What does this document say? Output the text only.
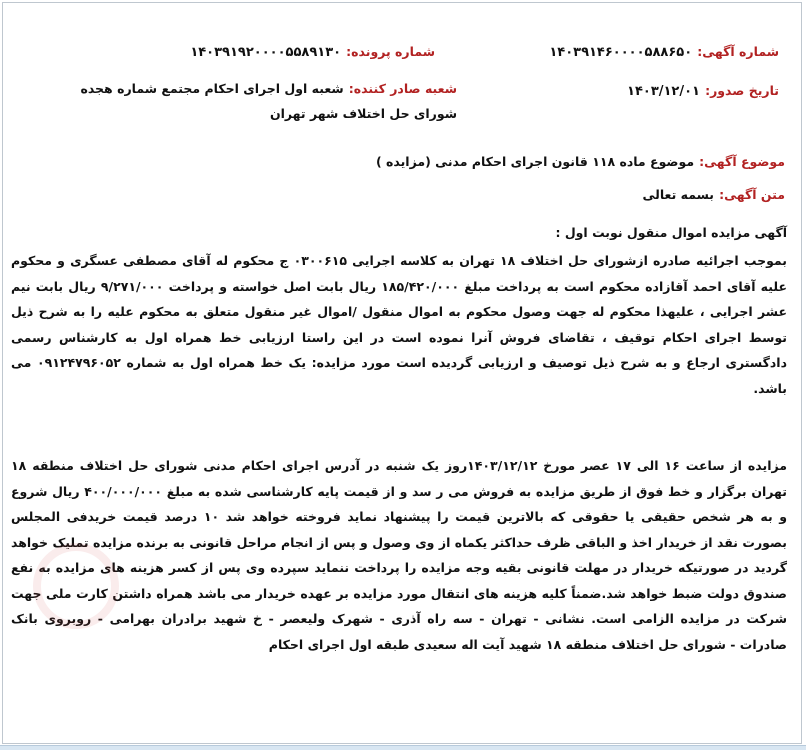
شماره آگهی: ۱۴۰۳۹۱۴۶۰۰۰۰۵۸۸۶۵۰
شماره پرونده: ۱۴۰۳۹۱۹۲۰۰۰۰۵۵۸۹۱۳۰
تاریخ صدور: ۱۴۰۳/۱۲/۰۱
شعبه صادر کننده: شعبه اول اجرای احکام مجتمع شماره هجده شورای حل اختلاف شهر تهران
موضوع آگهی: موضوع ماده ۱۱۸ قانون اجرای احکام مدنی (مزایده )
متن آگهی: بسمه تعالی
آگهی مزایده اموال منقول نوبت اول :
بموجب اجرائیه صادره ازشورای حل اختلاف ۱۸ تهران به کلاسه اجرایی ۰۳۰۰۶۱۵ ج محکوم له آقای مصطفی عسگری و محکوم علیه آقای احمد آقازاده محکوم است به پرداخت مبلغ ۱۸۵/۴۲۰/۰۰۰ ریال بابت اصل خواسته و پرداخت ۹/۲۷۱/۰۰۰ ریال بابت نیم عشر اجرایی ، علیهذا محکوم له جهت وصول محکوم به اموال منقول /اموال غیر منقول متعلق به محکوم علیه را به شرح ذیل توسط اجرای احکام توقیف ، تقاضای فروش آنرا نموده است در این راستا ارزیابی خط همراه اول به کارشناس رسمی دادگستری ارجاع و به شرح ذیل توصیف و ارزیابی گردیده است مورد مزایده: یک خط همراه اول به شماره ۰۹۱۲۴۷۹۶۰۵۲ می باشد.
مزایده از ساعت ۱۶ الی ۱۷ عصر مورخ ۱۴۰۳/۱۲/۱۲روز یک شنبه در آدرس اجرای احکام مدنی شورای حل اختلاف منطقه ۱۸ تهران برگزار و خط فوق از طریق مزایده به فروش می ر سد و از قیمت پایه کارشناسی شده به مبلغ ۴۰۰/۰۰۰/۰۰۰ ریال شروع و به هر شخص حقیقی یا حقوقی که بالاترین قیمت را پیشنهاد نماید فروخته خواهد شد ۱۰ درصد قیمت خریدفی المجلس بصورت نقد از خریدار اخذ و الباقی ظرف حداکثر یکماه از وی وصول و پس از انجام مراحل قانونی به برنده مزایده تملیک خواهد گردید در صورتیکه خریدار در مهلت قانونی بقیه وجه مزایده را پرداخت ننماید سپرده وی پس از کسر هزینه های مزایده به نفع صندوق دولت ضبط خواهد شد.ضمناً کلیه هزینه های انتقال مورد مزایده بر عهده خریدار می باشد همراه داشتن کارت ملی جهت شرکت در مزایده الزامی است. نشانی - تهران - سه راه آذری - شهرک ولیعصر - خ شهید برادران بهرامی - روبروی بانک صادرات - شورای حل اختلاف منطقه ۱۸ شهید آیت اله سعیدی طبقه اول اجرای احکام
